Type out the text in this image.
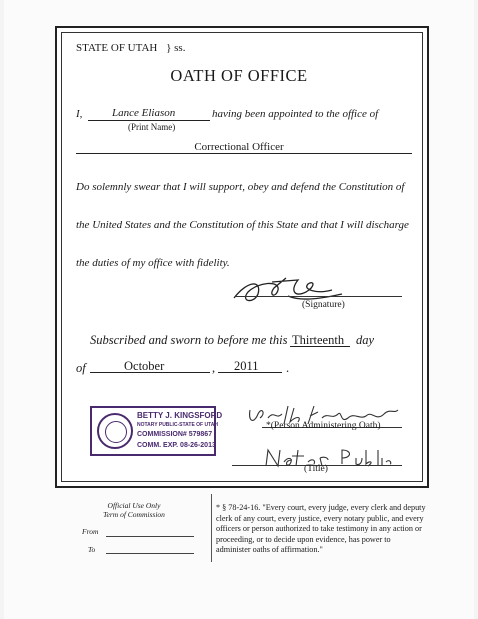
STATE OF UTAH } ss.
OATH OF OFFICE
I,	Lance Eliason	having been appointed to the office of
(Print Name)
Correctional Officer
Do solemnly swear that I will support, obey and defend the Constitution of
the United States and the Constitution of this State and that I will discharge
the duties of my office with fidelity.
(Signature)
Subscribed and sworn to before me this Thirteenth day
of	October	, 2011 .
BETTY J. KINGSFORD
NOTARY PUBLIC-STATE OF UTAH
COMMISSION# 579867
COMM. EXP. 08-26-2013
*(Person Administering Oath)
(Title)
Official Use Only
Term of Commission
From
To
* § 78-24-16. "Every court, every judge, every clerk and deputy clerk of any court, every justice, every notary public, and every officers or person authorized to take testimony in any action or proceeding, or to decide upon evidence, has power to administer oaths of affirmation."
